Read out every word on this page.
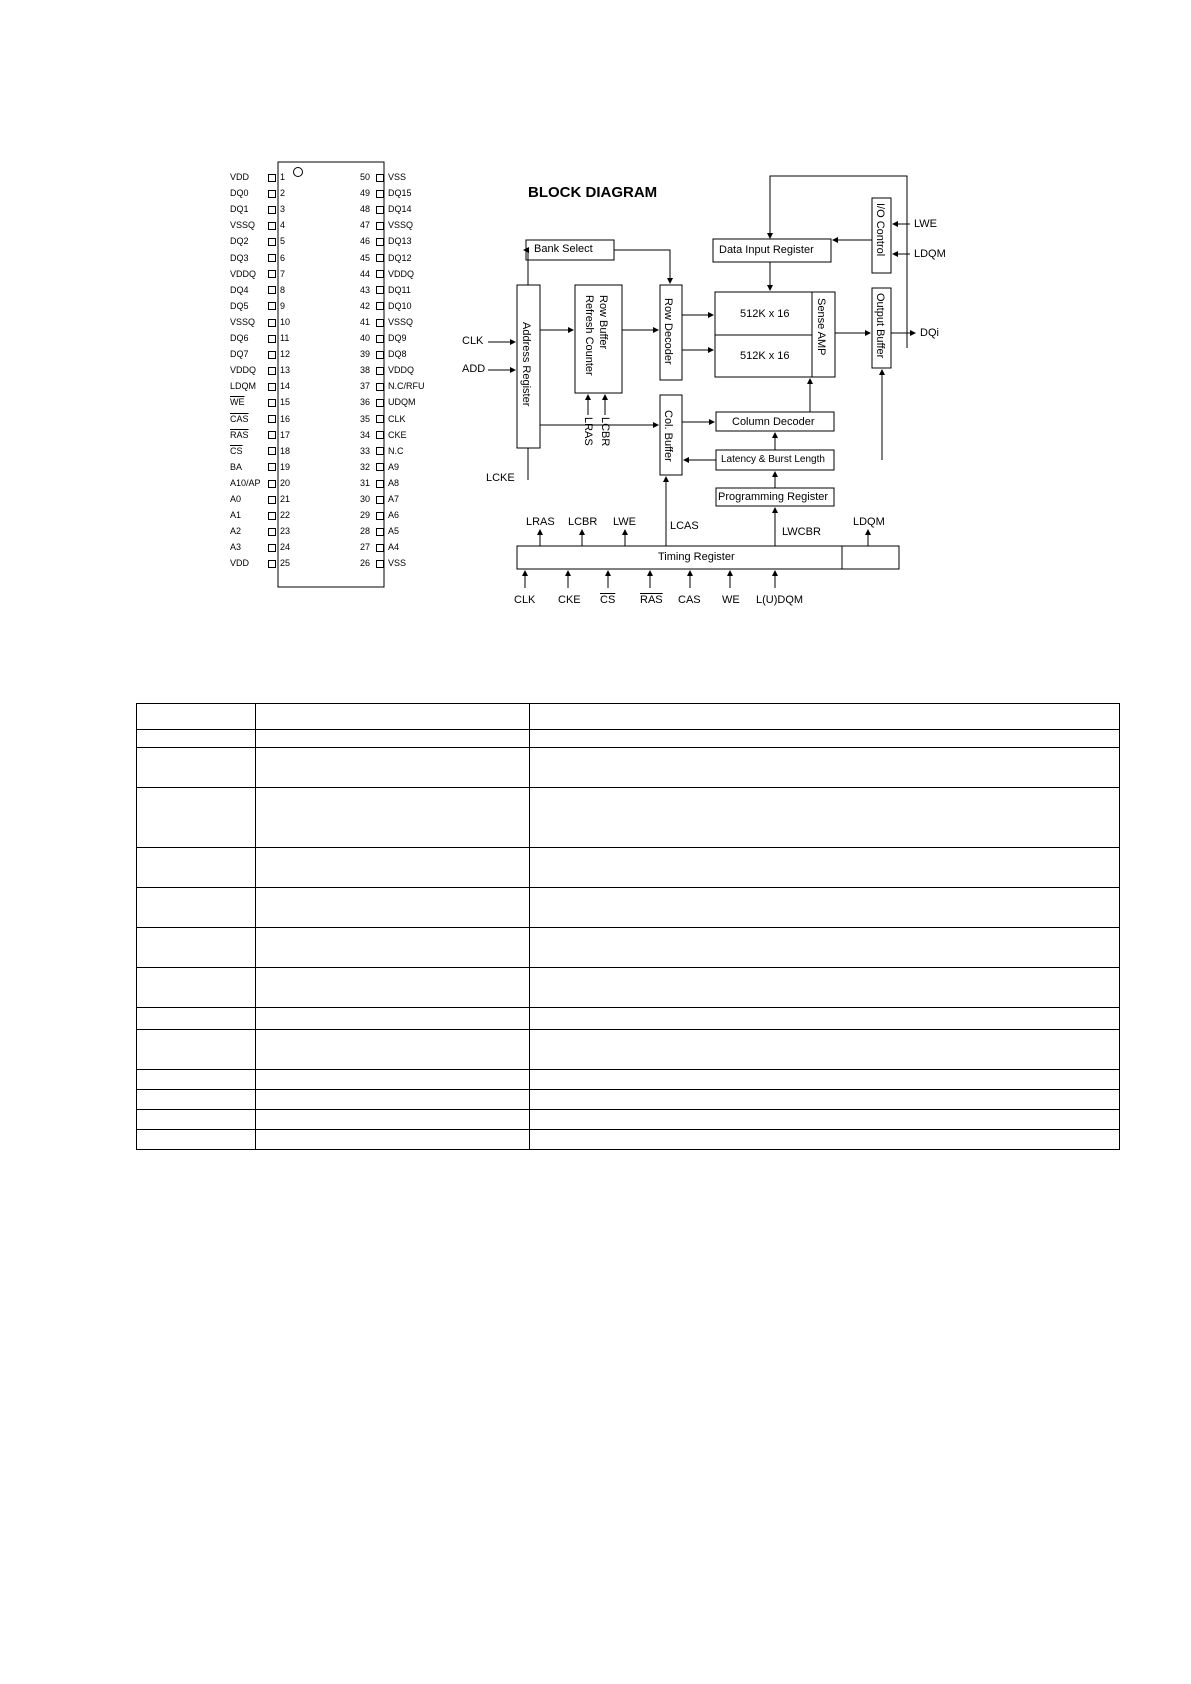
VDD	1
DQ0	2
DQ1	3
VSSQ	4
DQ2	5
DQ3	6
VDDQ	7
DQ4	8
DQ5	9
VSSQ	10
DQ6	11
DQ7	12
VDDQ	13
LDQM	14
$\overline{WE}$	15
$\overline{CAS}$	16
$\overline{RAS}$	17
$\overline{CS}$	18
BA	19
A10/AP 20
A0	21
A1	22
A2	23
A3	24
VDD	25
50 VSS
49 DQ15
48 DQ14
47 VSSQ
46 DQ13
45 DQ12
44 VDDQ
43 DQ11
42 DQ10
41 VSSQ
40 DQ9
39 DQ8
38 VDDQ
37 N.C/RFU
36 UDQM
35 CLK
34 CKE
33 N.C
32 A9
31 A8
30 A7
29 A6
28 A5
27 A4
26 VSS
BLOCK DIAGRAM
Bank Select	Data Input Register	I/O Control
Output Buffer
Address Register	Row Buffer
Refresh Counter	Row Decoder	512K x 16
512K x 16
Sense AMP
Col. Buffer	Column Decoder
Latency & Burst Length
Programming Register
Timing Register
LWE
LDQM
DQi
CLK
ADD
LCKE
LRAS LCBR
LRAS LCBR LWE	LCAS	LWCBR
LDQM
CLK CKE $\overline{CS}$ $\overline{RAS}$ CAS WE L(U)DQM
